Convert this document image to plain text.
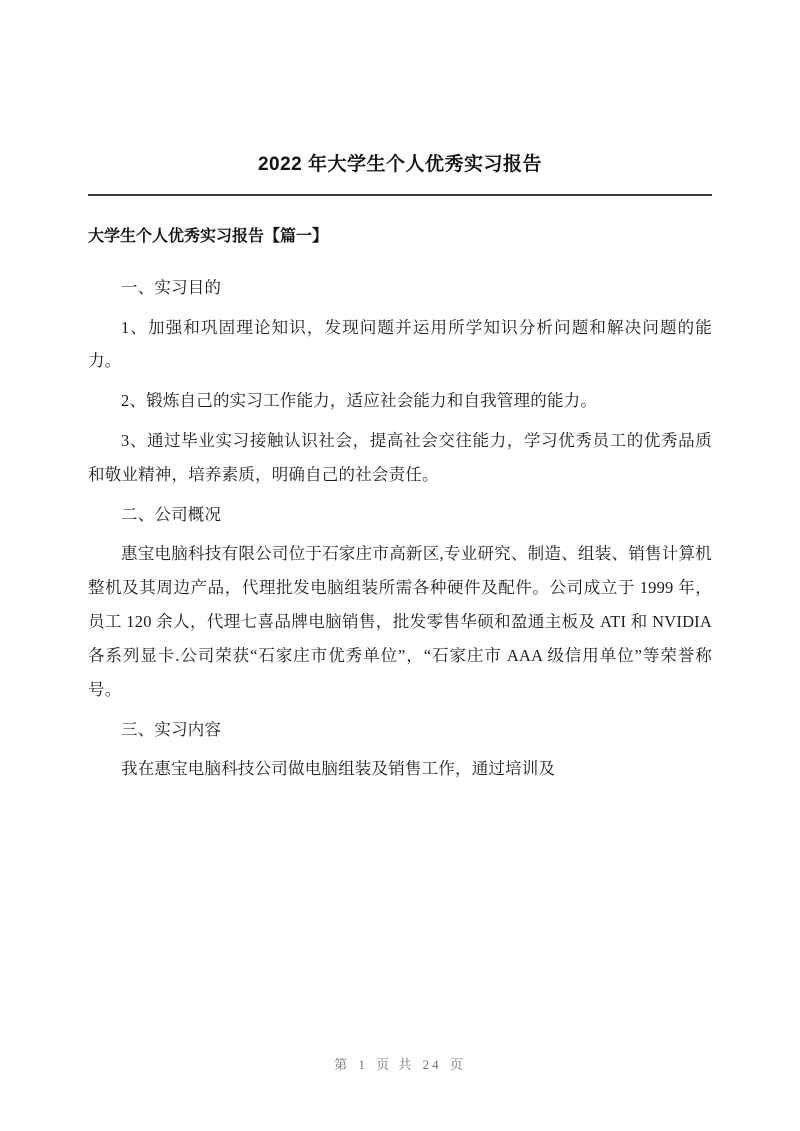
2022 年大学生个人优秀实习报告
大学生个人优秀实习报告【篇一】

一、实习目的

1、加强和巩固理论知识，发现问题并运用所学知识分析问题和解决问题的能力。

2、锻炼自己的实习工作能力，适应社会能力和自我管理的能力。

3、通过毕业实习接触认识社会，提高社会交往能力，学习优秀员工的优秀品质和敬业精神，培养素质，明确自己的社会责任。

二、公司概况

惠宝电脑科技有限公司位于石家庄市高新区,专业研究、制造、组装、销售计算机整机及其周边产品，代理批发电脑组装所需各种硬件及配件。公司成立于 1999 年，员工 120 余人，代理七喜品牌电脑销售，批发零售华硕和盈通主板及 ATI 和 NVIDIA 各系列显卡.公司荣获“石家庄市优秀单位”，“石家庄市 AAA 级信用单位”等荣誉称号。

三、实习内容

我在惠宝电脑科技公司做电脑组装及销售工作，通过培训及

第 1 页 共 24 页
